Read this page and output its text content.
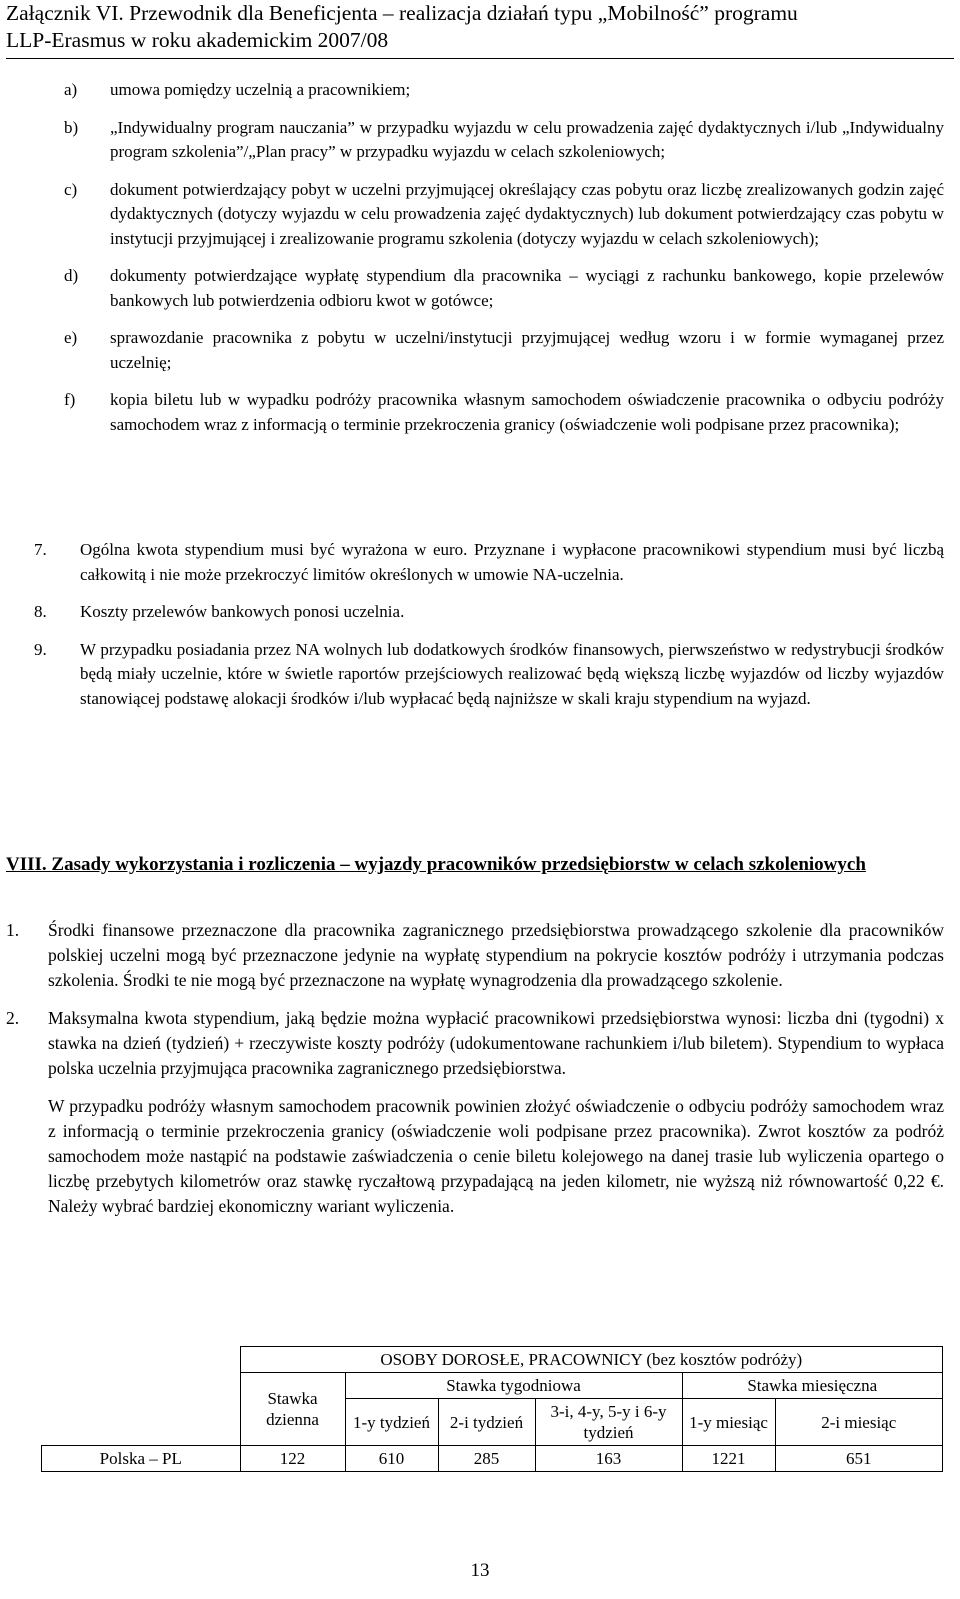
Załącznik VI. Przewodnik dla Beneficjenta – realizacja działań typu „Mobilność” programu
LLP-Erasmus w roku akademickim 2007/08
a) umowa pomiędzy uczelnią a pracownikiem;
b) „Indywidualny program nauczania” w przypadku wyjazdu w celu prowadzenia zajęć dydaktycznych i/lub „Indywidualny program szkolenia”/„Plan pracy” w przypadku wyjazdu w celach szkoleniowych;
c) dokument potwierdzający pobyt w uczelni przyjmującej określający czas pobytu oraz liczbę zrealizowanych godzin zajęć dydaktycznych (dotyczy wyjazdu w celu prowadzenia zajęć dydaktycznych) lub dokument potwierdzający czas pobytu w instytucji przyjmującej i zrealizowanie programu szkolenia (dotyczy wyjazdu w celach szkoleniowych);
d) dokumenty potwierdzające wypłatę stypendium dla pracownika – wyciągi z rachunku bankowego, kopie przelewów bankowych lub potwierdzenia odbioru kwot w gotówce;
e) sprawozdanie pracownika z pobytu w uczelni/instytucji przyjmującej według wzoru i w formie wymaganej przez uczelnię;
f) kopia biletu lub w wypadku podróży pracownika własnym samochodem oświadczenie pracownika o odbyciu podróży samochodem wraz z informacją o terminie przekroczenia granicy (oświadczenie woli podpisane przez pracownika);
7. Ogólna kwota stypendium musi być wyrażona w euro. Przyznane i wypłacone pracownikowi stypendium musi być liczbą całkowitą i nie może przekroczyć limitów określonych w umowie NA-uczelnia.
8. Koszty przelewów bankowych ponosi uczelnia.
9. W przypadku posiadania przez NA wolnych lub dodatkowych środków finansowych, pierwszeństwo w redystrybucji środków będą miały uczelnie, które w świetle raportów przejściowych realizować będą większą liczbę wyjazdów od liczby wyjazdów stanowiącej podstawę alokacji środków i/lub wypłacać będą najniższe w skali kraju stypendium na wyjazd.
VIII. Zasady wykorzystania i rozliczenia – wyjazdy pracowników przedsiębiorstw w celach szkoleniowych
1. Środki finansowe przeznaczone dla pracownika zagranicznego przedsiębiorstwa prowadzącego szkolenie dla pracowników polskiej uczelni mogą być przeznaczone jedynie na wypłatę stypendium na pokrycie kosztów podróży i utrzymania podczas szkolenia. Środki te nie mogą być przeznaczone na wypłatę wynagrodzenia dla prowadzącego szkolenie.
2. Maksymalna kwota stypendium, jaką będzie można wypłacić pracownikowi przedsiębiorstwa wynosi: liczba dni (tygodni) x stawka na dzień (tydzień) + rzeczywiste koszty podróży (udokumentowane rachunkiem i/lub biletem). Stypendium to wypłaca polska uczelnia przyjmująca pracownika zagranicznego przedsiębiorstwa.
W przypadku podróży własnym samochodem pracownik powinien złożyć oświadczenie o odbyciu podróży samochodem wraz z informacją o terminie przekroczenia granicy (oświadczenie woli podpisane przez pracownika). Zwrot kosztów za podróż samochodem może nastąpić na podstawie zaświadczenia o cenie biletu kolejowego na danej trasie lub wyliczenia opartego o liczbę przebytych kilometrów oraz stawkę ryczałtową przypadającą na jeden kilometr, nie wyższą niż równowartość 0,22 €. Należy wybrać bardziej ekonomiczny wariant wyliczenia.
	OSOBY DOROSŁE, PRACOWNICY (bez kosztów podróży)					
	Stawka dzienna	Stawka tygodniowa			Stawka miesięczna	
		1-y tydzień	2-i tydzień	3-i, 4-y, 5-y i 6-y tydzień	1-y miesiąc	2-i miesiąc
Polska – PL	122	610	285	163	1221	651
13
